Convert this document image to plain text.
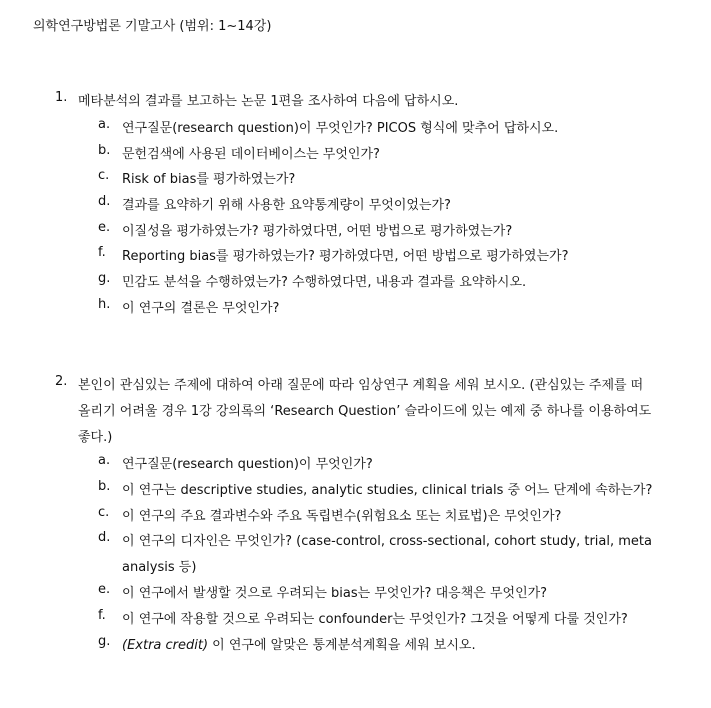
의학연구방법론 기말고사 (범위: 1~14강)
1. 메타분석의 결과를 보고하는 논문 1편을 조사하여 다음에 답하시오.
a. 연구질문(research question)이 무엇인가? PICOS 형식에 맞추어 답하시오.
b. 문헌검색에 사용된 데이터베이스는 무엇인가?
c. Risk of bias를 평가하였는가?
d. 결과를 요약하기 위해 사용한 요약통계량이 무엇이었는가?
e. 이질성을 평가하였는가? 평가하였다면, 어떤 방법으로 평가하였는가?
f.	Reporting bias를 평가하였는가? 평가하였다면, 어떤 방법으로 평가하였는가?
g. 민감도 분석을 수행하였는가? 수행하였다면, 내용과 결과를 요약하시오.
h. 이 연구의 결론은 무엇인가?
2. 본인이 관심있는 주제에 대하여 아래 질문에 따라 임상연구 계획을 세워 보시오. (관심있는 주제를 떠
올리기 어려울 경우 1강 강의록의 ‘Research Question’ 슬라이드에 있는 예제 중 하나를 이용하여도
좋다.)
a. 연구질문(research question)이 무엇인가?
b. 이 연구는 descriptive studies, analytic studies, clinical trials 중 어느 단계에 속하는가?
c. 이 연구의 주요 결과변수와 주요 독립변수(위험요소 또는 치료법)은 무엇인가?
d. 이 연구의 디자인은 무엇인가? (case-control, cross-sectional, cohort study, trial, meta
analysis 등)
e. 이 연구에서 발생할 것으로 우려되는 bias는 무엇인가? 대응책은 무엇인가?
f.	이 연구에 작용할 것으로 우려되는 confounder는 무엇인가? 그것을 어떻게 다룰 것인가?
g. (Extra credit) 이 연구에 알맞은 통계분석계획을 세워 보시오.
